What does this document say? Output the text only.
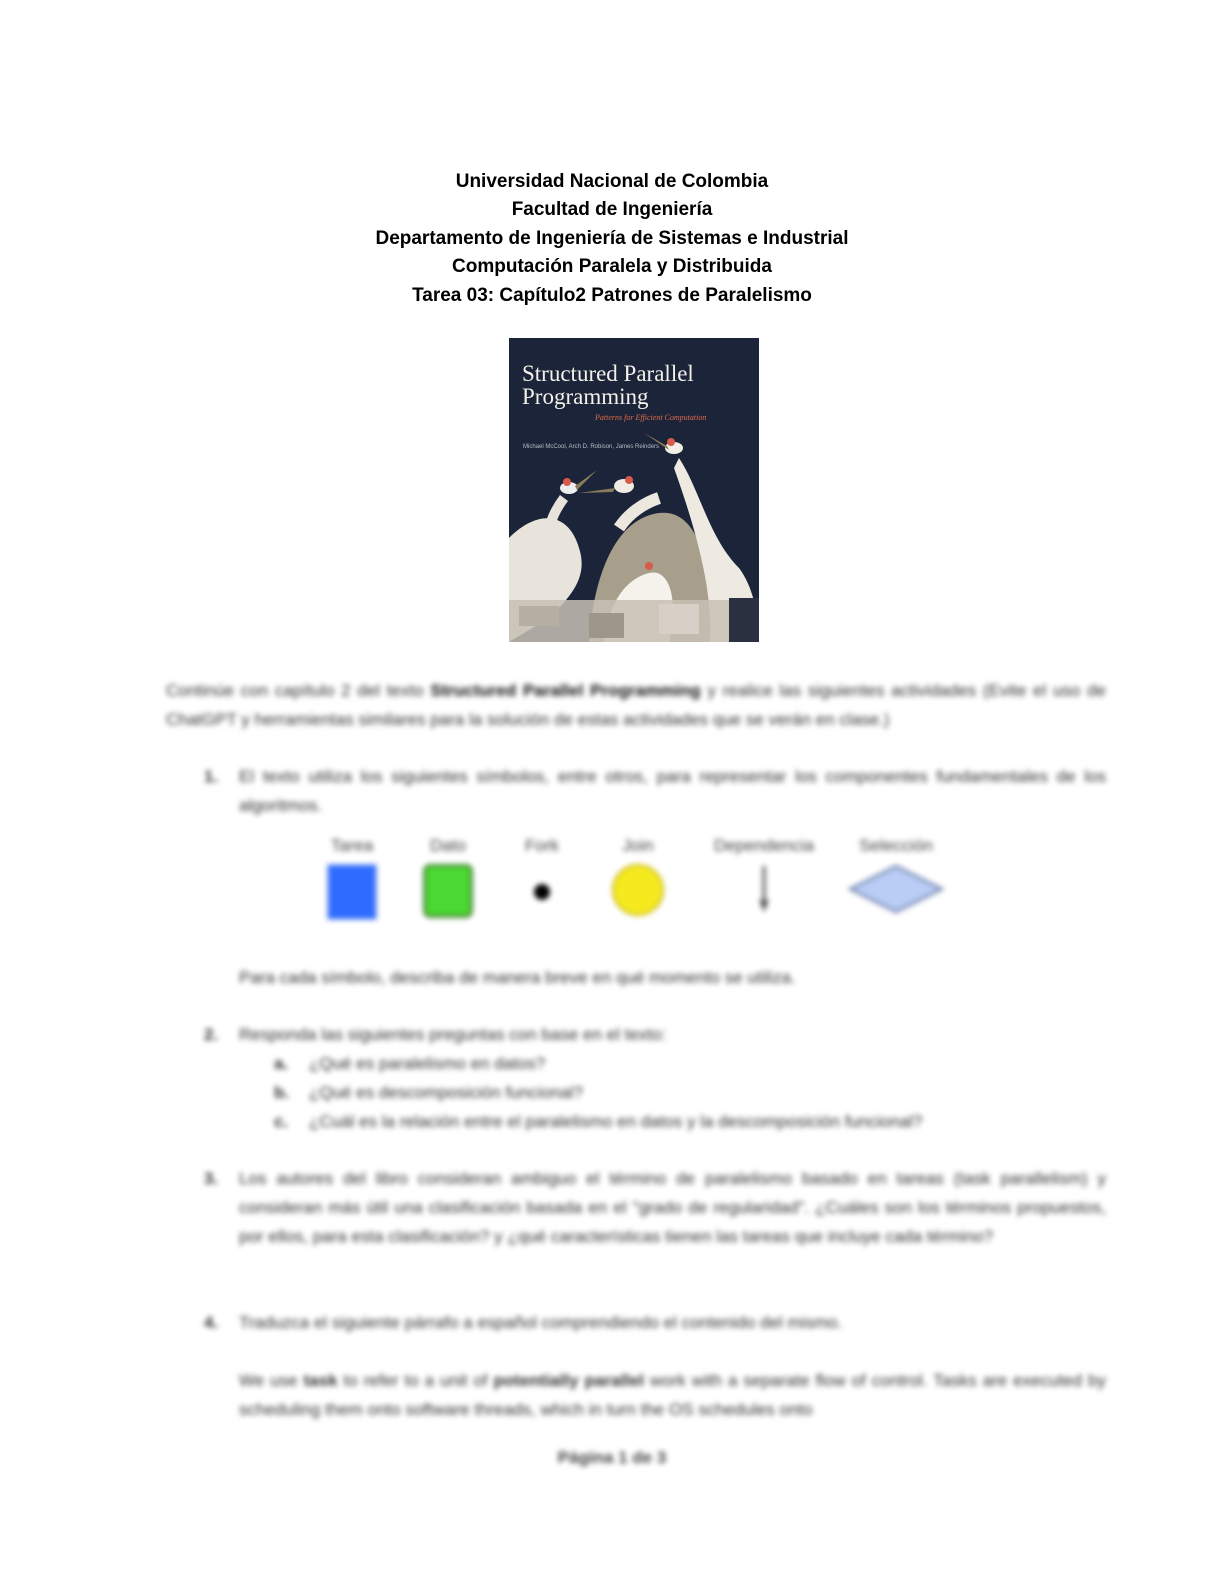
Universidad Nacional de Colombia
Facultad de Ingeniería
Departamento de Ingeniería de Sistemas e Industrial
Computación Paralela y Distribuida
Tarea 03: Capítulo2 Patrones de Paralelismo
Structured Parallel
Programming
Patterns for Efficient Computation
Michael McCool, Arch D. Robison, James Reinders
Continúe con capítulo 2 del texto Structured Parallel Programming y realice las siguientes actividades (Evite el uso de ChatGPT y herramientas similares para la solución de estas actividades que se verán en clase.)
1. El texto utiliza los siguientes símbolos, entre otros, para representar los componentes fundamentales de los algoritmos.
Tarea	Dato	Fork	Join	Dependencia	Selección
Para cada símbolo, describa de manera breve en qué momento se utiliza.
2. Responda las siguientes preguntas con base en el texto:
a. ¿Qué es paralelismo en datos?
b. ¿Qué es descomposición funcional?
c. ¿Cuál es la relación entre el paralelismo en datos y la descomposición funcional?
3. Los autores del libro consideran ambiguo el término de paralelismo basado en tareas (task parallelism) y consideran más útil una clasificación basada en el "grado de regularidad". ¿Cuáles son los términos propuestos, por ellos, para esta clasificación? y ¿qué características tienen las tareas que incluye cada término?
4. Traduzca el siguiente párrafo a español comprendiendo el contenido del mismo.
We use task to refer to a unit of potentially parallel work with a separate flow of control. Tasks are executed by scheduling them onto software threads, which in turn the OS schedules onto
Página 1 de 3
